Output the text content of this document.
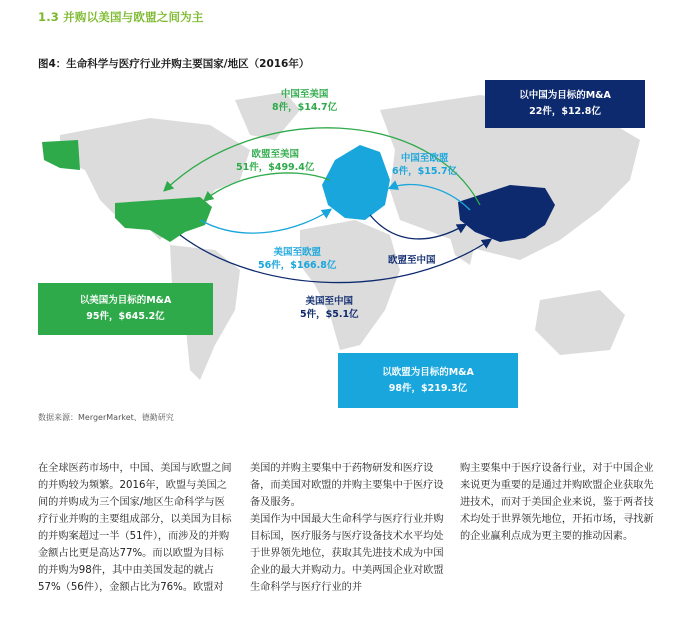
1.3 并购以美国与欧盟之间为主
图4：生命科学与医疗行业并购主要国家/地区（2016年）
以中国为目标的M&A
22件，$12.8亿
以美国为目标的M&A
95件，$645.2亿
以欧盟为目标的M&A
98件，$219.3亿
中国至美国
8件，$14.7亿
欧盟至美国
51件，$499.4亿
中国至欧盟
6件，$15.7亿
美国至欧盟
56件，$166.8亿	欧盟至中国
美国至中国
5件，$5.1亿

数据来源：MergerMarket、德勤研究

在全球医药市场中，中国、美国与欧盟之间的并购较为频繁。2016年，欧盟与美国之间的并购成为三个国家/地区生命科学与医疗行业并购的主要组成部分，以美国为目标的并购案超过一半（51件），而涉及的并购金额占比更是高达77%。而以欧盟为目标的并购为98件，其中由美国发起的就占57%（56件），金额占比为76%。欧盟对

美国的并购主要集中于药物研发和医疗设备，而美国对欧盟的并购主要集中于医疗设备及服务。
美国作为中国最大生命科学与医疗行业并购目标国，医疗服务与医疗设备技术水平均处于世界领先地位，获取其先进技术成为中国企业的最大并购动力。中美两国企业对欧盟生命科学与医疗行业的并

购主要集中于医疗设备行业，对于中国企业来说更为重要的是通过并购欧盟企业获取先进技术，而对于美国企业来说，鉴于两者技术均处于世界领先地位，开拓市场，寻找新的企业赢利点成为更主要的推动因素。
